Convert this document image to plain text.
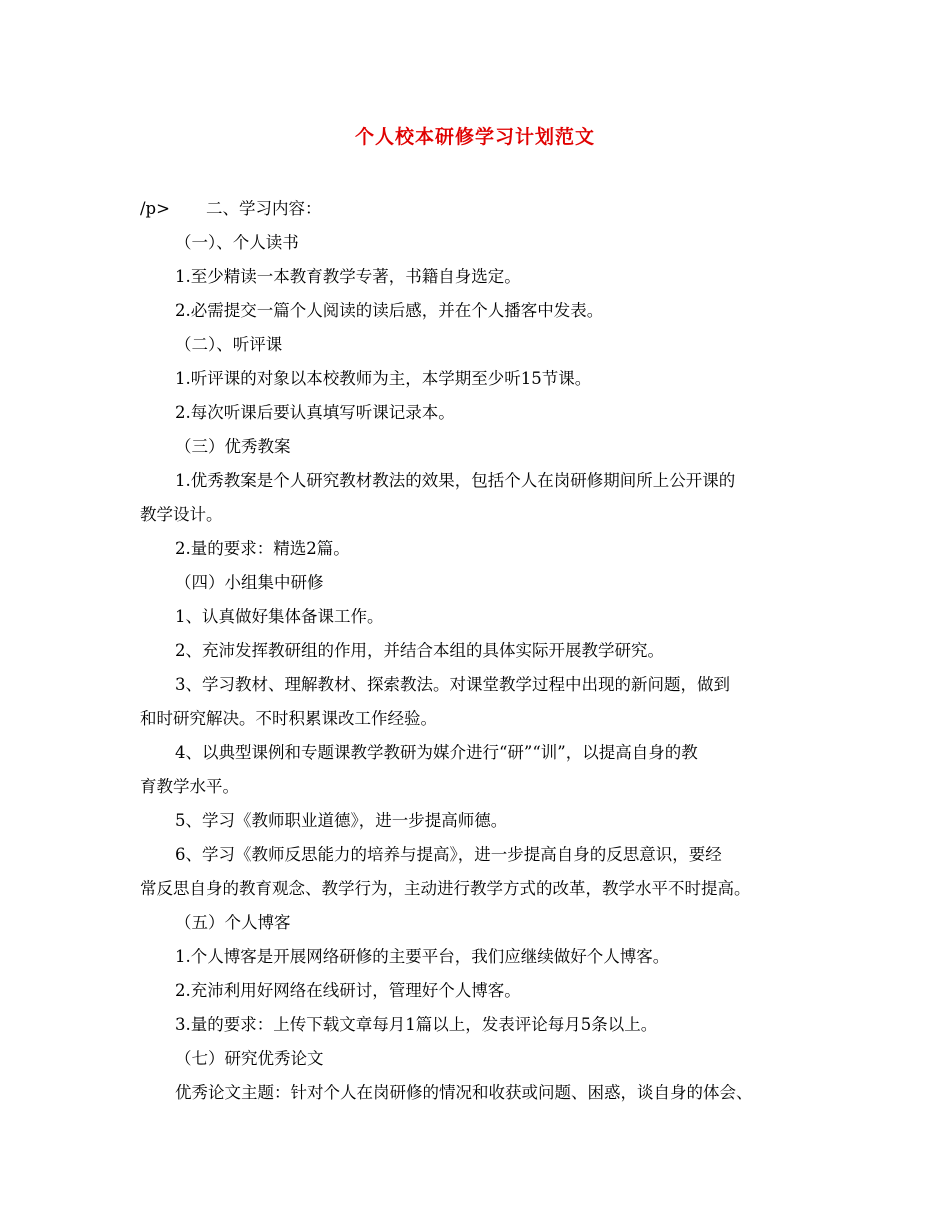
个人校本研修学习计划范文
/p> 二、学习内容：
（一）、个人读书
1.至少精读一本教育教学专著，书籍自身选定。
2.必需提交一篇个人阅读的读后感，并在个人播客中发表。
（二）、听评课
1.听评课的对象以本校教师为主，本学期至少听15节课。
2.每次听课后要认真填写听课记录本。
（三）优秀教案
1.优秀教案是个人研究教材教法的效果，包括个人在岗研修期间所上公开课的
教学设计。
2.量的要求：精选2篇。
（四）小组集中研修
1、认真做好集体备课工作。
2、充沛发挥教研组的作用，并结合本组的具体实际开展教学研究。
3、学习教材、理解教材、探索教法。对课堂教学过程中出现的新问题，做到
和时研究解决。不时积累课改工作经验。
4、以典型课例和专题课教学教研为媒介进行“研”“训”，以提高自身的教
育教学水平。
5、学习《教师职业道德》，进一步提高师德。
6、学习《教师反思能力的培养与提高》，进一步提高自身的反思意识，要经
常反思自身的教育观念、教学行为，主动进行教学方式的改革，教学水平不时提高。
（五）个人博客
1.个人博客是开展网络研修的主要平台，我们应继续做好个人博客。
2.充沛利用好网络在线研讨，管理好个人博客。
3.量的要求：上传下载文章每月1篇以上，发表评论每月5条以上。
（七）研究优秀论文
优秀论文主题：针对个人在岗研修的情况和收获或问题、困惑，谈自身的体会、
